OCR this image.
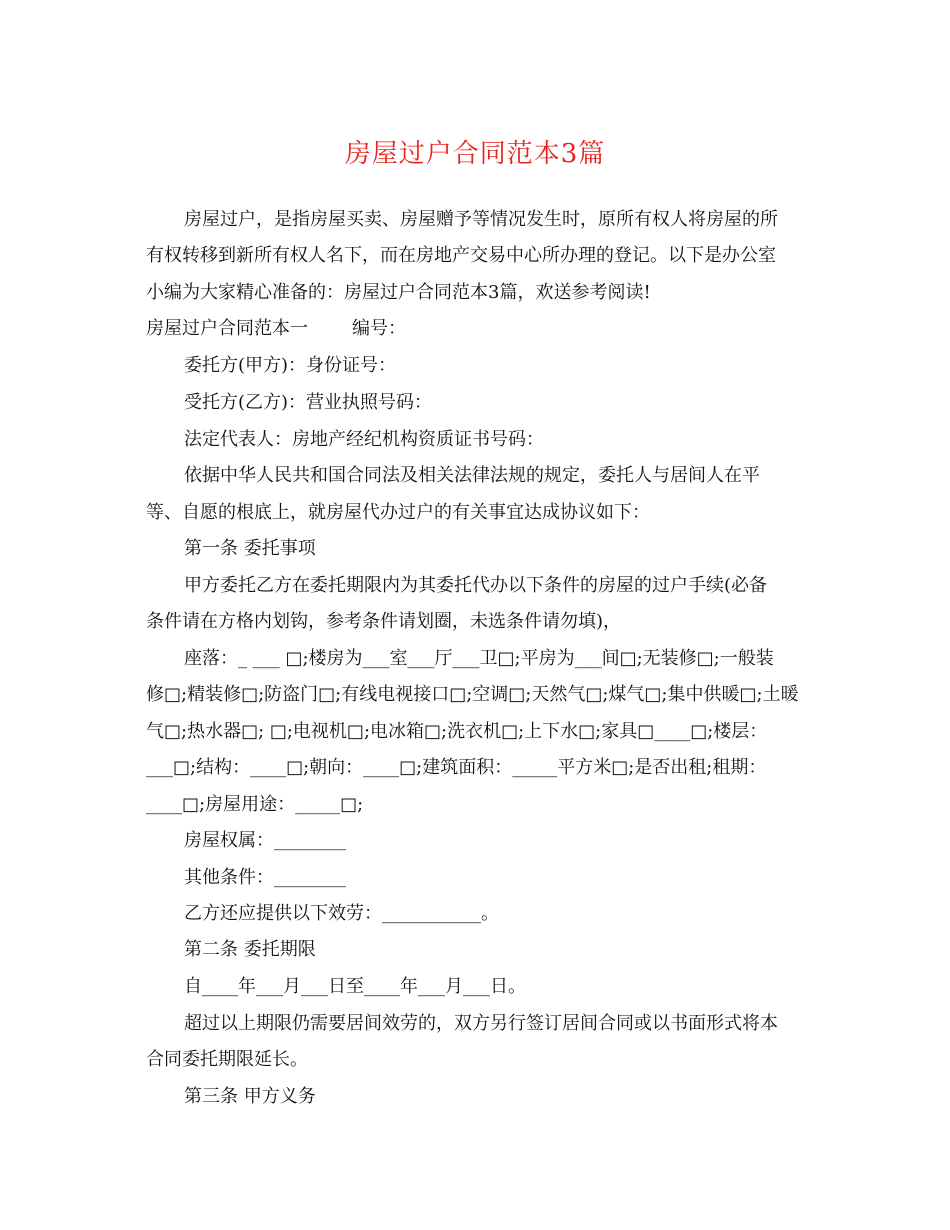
房屋过户合同范本3篇
房屋过户，是指房屋买卖、房屋赠予等情况发生时，原所有权人将房屋的所
有权转移到新所有权人名下，而在房地产交易中心所办理的登记。以下是办公室
小编为大家精心准备的：房屋过户合同范本3篇，欢送参考阅读!
房屋过户合同范本一 编号：
委托方(甲方)：身份证号：
受托方(乙方)：营业执照号码：
法定代表人：房地产经纪机构资质证书号码：
依据中华人民共和国合同法及相关法律法规的规定，委托人与居间人在平
等、自愿的根底上，就房屋代办过户的有关事宜达成协议如下：
第一条 委托事项
甲方委托乙方在委托期限内为其委托代办以下条件的房屋的过户手续(必备
条件请在方格内划钩，参考条件请划圈，未选条件请勿填)，
座落：_ ___ □;楼房为___室___厅___卫□;平房为___间□;无装修□;一般装
修□;精装修□;防盗门□;有线电视接口□;空调□;天然气□;煤气□;集中供暖□;土暖
气□;热水器□; □;电视机□;电冰箱□;洗衣机□;上下水□;家具□____□;楼层：
___□;结构：____□;朝向：____□;建筑面积：_____平方米□;是否出租;租期：
____□;房屋用途：_____□;
房屋权属：________
其他条件：________
乙方还应提供以下效劳：___________。
第二条 委托期限
自____年___月___日至____年___月___日。
超过以上期限仍需要居间效劳的，双方另行签订居间合同或以书面形式将本
合同委托期限延长。
第三条 甲方义务
